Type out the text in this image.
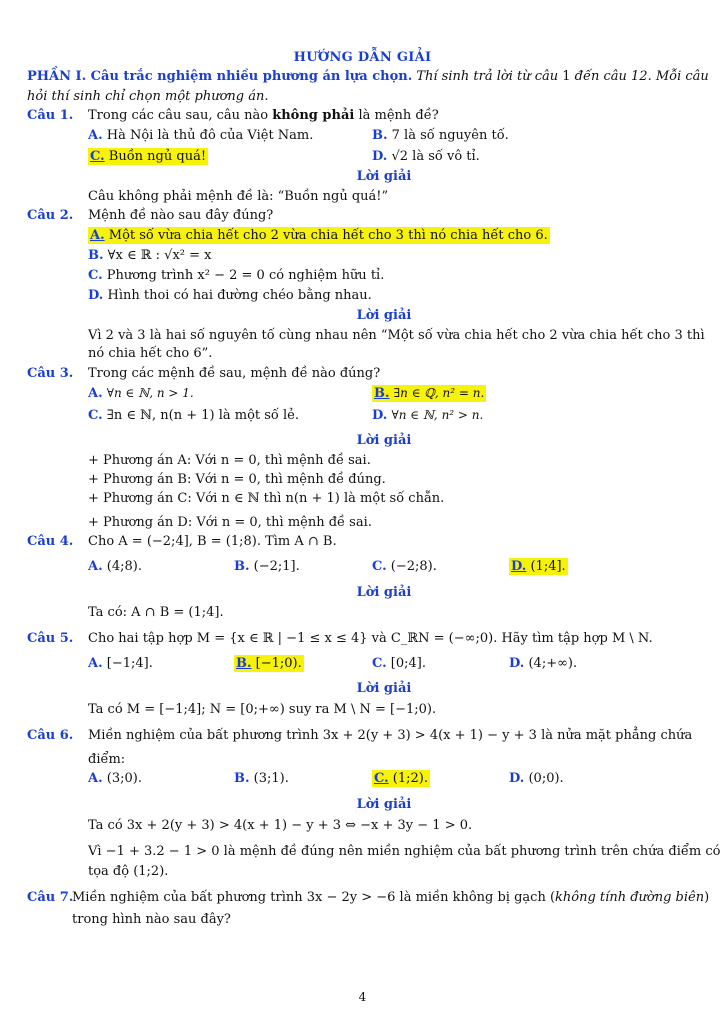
HƯỚNG DẪN GIẢI
PHẦN I. Câu trắc nghiệm nhiều phương án lựa chọn. Thí sinh trả lời từ câu 1 đến câu 12. Mỗi câu
hỏi thí sinh chỉ chọn một phương án.
Câu 1. Trong các câu sau, câu nào không phải là mệnh đề?
A. Hà Nội là thủ đô của Việt Nam.	B. 7 là số nguyên tố.
C. Buồn ngủ quá!	D. √2 là số vô tỉ.
Lời giải
Câu không phải mệnh đề là: “Buồn ngủ quá!”
Câu 2. Mệnh đề nào sau đây đúng?
A. Một số vừa chia hết cho 2 vừa chia hết cho 3 thì nó chia hết cho 6.
B. ∀x ∈ ℝ : √x² = x
C. Phương trình x² − 2 = 0 có nghiệm hữu tỉ.
D. Hình thoi có hai đường chéo bằng nhau.
Lời giải
Vì 2 và 3 là hai số nguyên tố cùng nhau nên “Một số vừa chia hết cho 2 vừa chia hết cho 3 thì
nó chia hết cho 6”.
Câu 3. Trong các mệnh đề sau, mệnh đề nào đúng?
A. ∀n ∈ ℕ, n > 1.	B. ∃n ∈ ℚ, n² = n.
C. ∃n ∈ ℕ, n(n + 1) là một số lẻ.	D. ∀n ∈ ℕ, n² > n.
Lời giải
+ Phương án A: Với n = 0, thì mệnh đề sai.
+ Phương án B: Với n = 0, thì mệnh đề đúng.
+ Phương án C: Với n ∈ ℕ thì n(n + 1) là một số chẵn.
+ Phương án D: Với n = 0, thì mệnh đề sai.
Câu 4. Cho A = (−2;4], B = (1;8). Tìm A ∩ B.
A. (4;8).	B. (−2;1].	C. (−2;8).	D. (1;4].
Lời giải
Ta có: A ∩ B = (1;4].
Câu 5. Cho hai tập hợp M = {x ∈ ℝ | −1 ≤ x ≤ 4} và C_ℝN = (−∞;0). Hãy tìm tập hợp M \ N.
A. [−1;4].	B. [−1;0).	C. [0;4].	D. (4;+∞).
Lời giải
Ta có M = [−1;4]; N = [0;+∞) suy ra M \ N = [−1;0).
Câu 6. Miền nghiệm của bất phương trình 3x + 2(y + 3) > 4(x + 1) − y + 3 là nửa mặt phẳng chứa
điểm:
A. (3;0).	B. (3;1).	C. (1;2).	D. (0;0).
Lời giải
Ta có 3x + 2(y + 3) > 4(x + 1) − y + 3 ⇔ −x + 3y − 1 > 0.
Vì −1 + 3.2 − 1 > 0 là mệnh đề đúng nên miền nghiệm của bất phương trình trên chứa điểm có
tọa độ (1;2).
Câu 7.
Miền nghiệm của bất phương trình 3x − 2y > −6 là miền không bị gạch (không tính đường biên)
trong hình nào sau đây?
4
